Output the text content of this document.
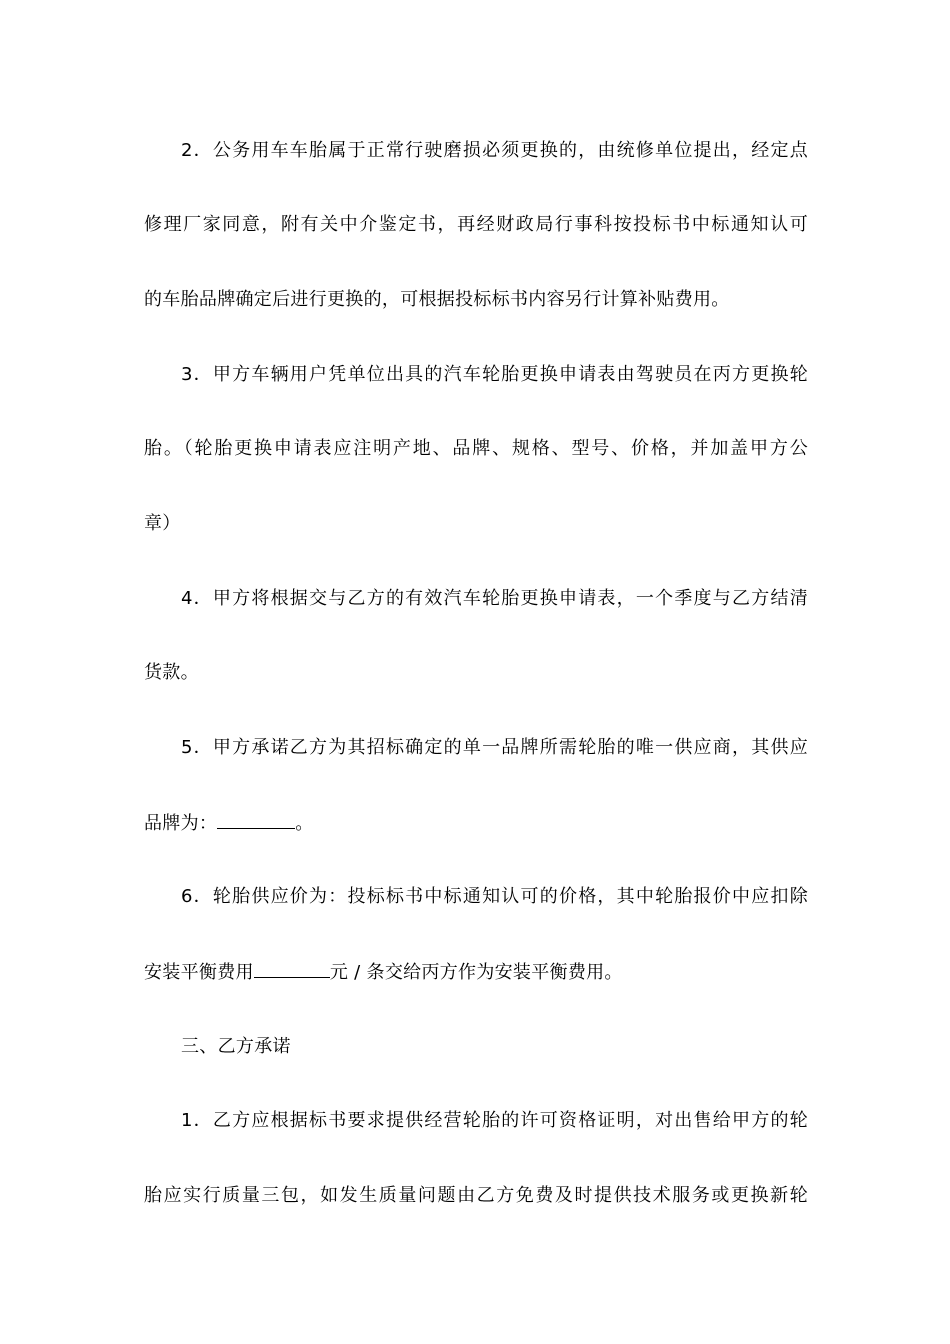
2．公务用车车胎属于正常行驶磨损必须更换的，由统修单位提出，经定点
修理厂家同意，附有关中介鉴定书，再经财政局行事科按投标书中标通知认可
的车胎品牌确定后进行更换的，可根据投标标书内容另行计算补贴费用。
3．甲方车辆用户凭单位出具的汽车轮胎更换申请表由驾驶员在丙方更换轮
胎。（轮胎更换申请表应注明产地、品牌、规格、型号、价格，并加盖甲方公
章）
4．甲方将根据交与乙方的有效汽车轮胎更换申请表，一个季度与乙方结清
货款。
5．甲方承诺乙方为其招标确定的单一品牌所需轮胎的唯一供应商，其供应
品牌为：	。
6．轮胎供应价为：投标标书中标通知认可的价格，其中轮胎报价中应扣除
安装平衡费用	元 / 条交给丙方作为安装平衡费用。
三、乙方承诺
1．乙方应根据标书要求提供经营轮胎的许可资格证明，对出售给甲方的轮
胎应实行质量三包，如发生质量问题由乙方免费及时提供技术服务或更换新轮
